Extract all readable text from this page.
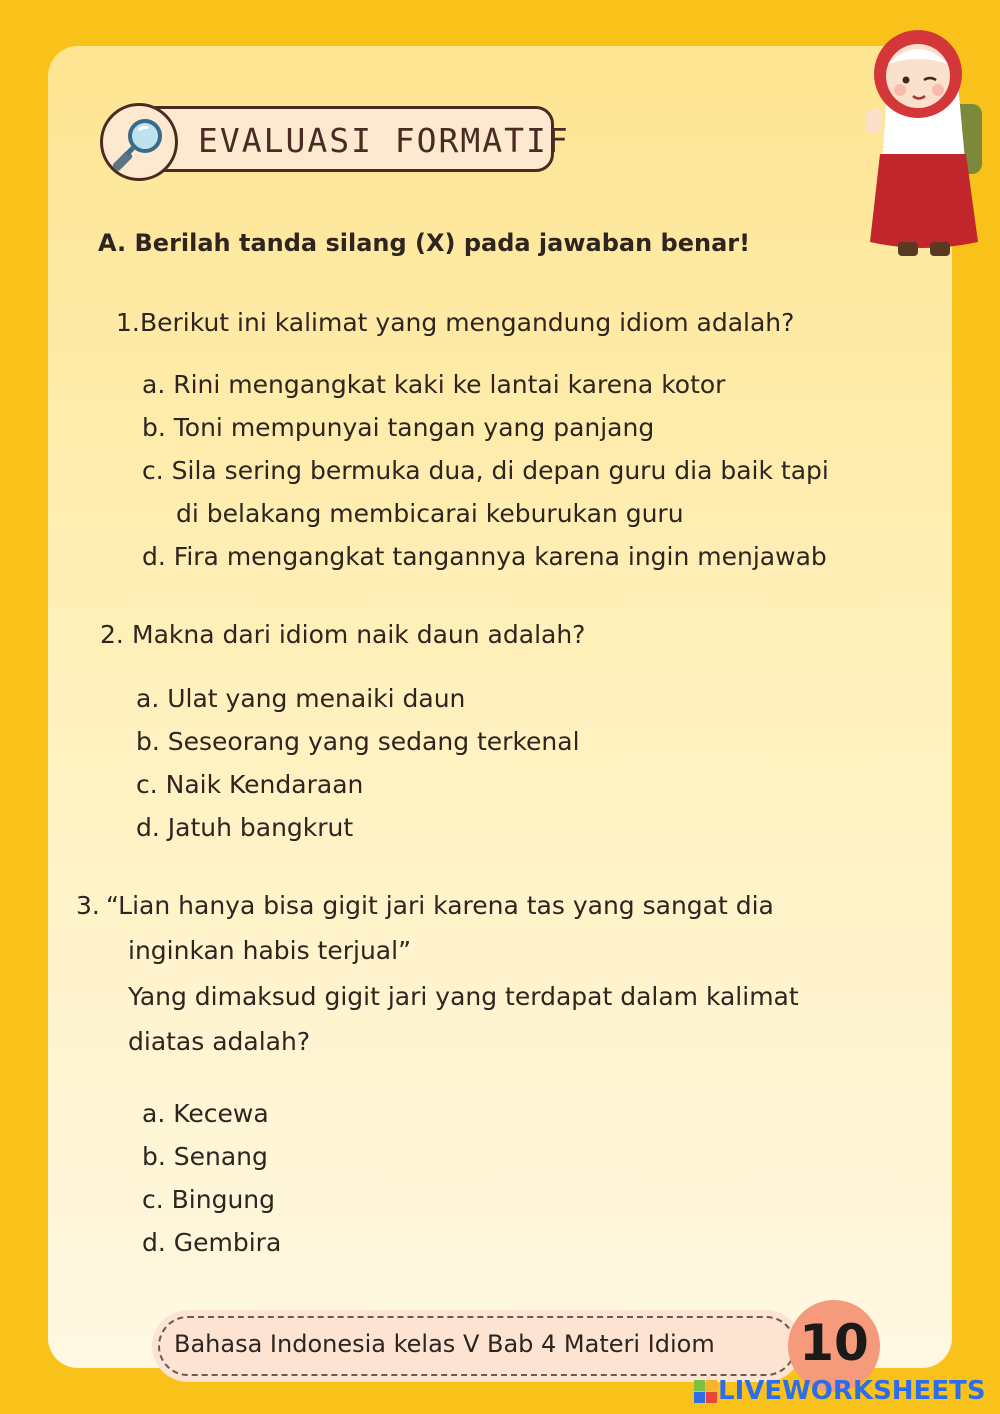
EVALUASI FORMATIF
A. Berilah tanda silang (X) pada jawaban benar!
1. Berikut ini kalimat yang mengandung idiom adalah?
a. Rini mengangkat kaki ke lantai karena kotor
b. Toni mempunyai tangan yang panjang
c. Sila sering bermuka dua, di depan guru dia baik tapi
di belakang membicarai keburukan guru
d. Fira mengangkat tangannya karena ingin menjawab
2. Makna dari idiom naik daun adalah?
a. Ulat yang menaiki daun
b. Seseorang yang sedang terkenal
c. Naik Kendaraan
d. Jatuh bangkrut
3. “Lian hanya bisa gigit jari karena tas yang sangat dia
inginkan habis terjual”
Yang dimaksud gigit jari yang terdapat dalam kalimat
diatas adalah?
a. Kecewa
b. Senang
c. Bingung
d. Gembira
Bahasa Indonesia kelas V Bab 4 Materi Idiom 10
LIVEWORKSHEETS
